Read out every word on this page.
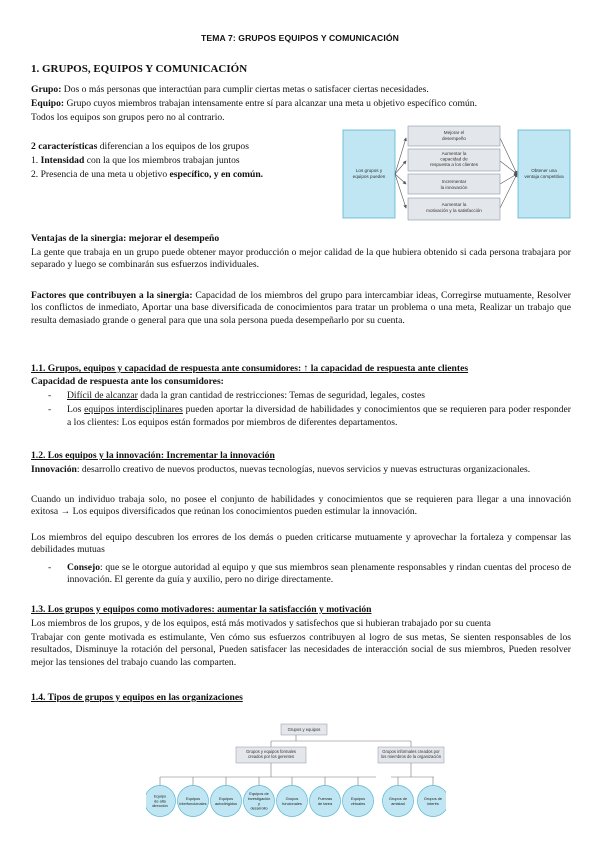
TEMA 7: GRUPOS EQUIPOS Y COMUNICACIÓN
1. GRUPOS, EQUIPOS Y COMUNICACIÓN

Grupo: Dos o más personas que interactúan para cumplir ciertas metas o satisfacer ciertas necesidades.

Equipo: Grupo cuyos miembros trabajan intensamente entre sí para alcanzar una meta u objetivo específico común.

Todos los equipos son grupos pero no al contrario.

2 características diferencian a los equipos de los grupos

1. Intensidad con la que los miembros trabajan juntos

2. Presencia de una meta u objetivo específico, y en común.	Los grupos y equipos pueden
Obtener una ventaja competitiva
Mejorar el desempeño
Aumentar la capacidad de respuesta a los clientes
Incrementar la innovación
Aumentar la motivación y la satisfacción

Ventajas de la sinergia: mejorar el desempeño

La gente que trabaja en un grupo puede obtener mayor producción o mejor calidad de la que hubiera obtenido si cada persona trabajara por separado y luego se combinarán sus esfuerzos individuales.

Factores que contribuyen a la sinergia: Capacidad de los miembros del grupo para intercambiar ideas, Corregirse mutuamente, Resolver los conflictos de inmediato, Aportar una base diversificada de conocimientos para tratar un problema o una meta, Realizar un trabajo que resulta demasiado grande o general para que una sola persona pueda desempeñarlo por su cuenta.

1.1. Grupos, equipos y capacidad de respuesta ante consumidores: ↑ la capacidad de respuesta ante clientes

Capacidad de respuesta ante los consumidores:

- Difícil de alcanzar dada la gran cantidad de restricciones: Temas de seguridad, legales, costes
- Los equipos interdisciplinares pueden aportar la diversidad de habilidades y conocimientos que se requieren para poder responder a los clientes: Los equipos están formados por miembros de diferentes departamentos.

1.2. Los equipos y la innovación: Incrementar la innovación

Innovación: desarrollo creativo de nuevos productos, nuevas tecnologías, nuevos servicios y nuevas estructuras organizacionales.

Cuando un individuo trabaja solo, no posee el conjunto de habilidades y conocimientos que se requieren para llegar a una innovación exitosa → Los equipos diversificados que reúnan los conocimientos pueden estimular la innovación.

Los miembros del equipo descubren los errores de los demás o pueden criticarse mutuamente y aprovechar la fortaleza y compensar las debilidades mutuas

- Consejo: que se le otorgue autoridad al equipo y que sus miembros sean plenamente responsables y rindan cuentas del proceso de innovación. El gerente da guía y auxilio, pero no dirige directamente.

1.3. Los grupos y equipos como motivadores: aumentar la satisfacción y motivación

Los miembros de los grupos, y de los equipos, está más motivados y satisfechos que si hubieran trabajado por su cuenta

Trabajar con gente motivada es estimulante, Ven cómo sus esfuerzos contribuyen al logro de sus metas, Se sienten responsables de los resultados, Disminuye la rotación del personal, Pueden satisfacer las necesidades de interacción social de sus miembros, Pueden resolver mejor las tensiones del trabajo cuando las comparten.

1.4. Tipos de grupos y equipos en las organizaciones

Grupos y equipos
Grupos y equipos formales creados por los gerentes
Grupos informales creados por los miembros de la organización
Equipo de alta dirección
Equipos interfuncionales
Equipos autodirigidos
Equipos de investigación y desarrollo
Grupos funcionales
Fuerzas de tarea
Equipos virtuales
Grupos de amistad
Grupos de interés
